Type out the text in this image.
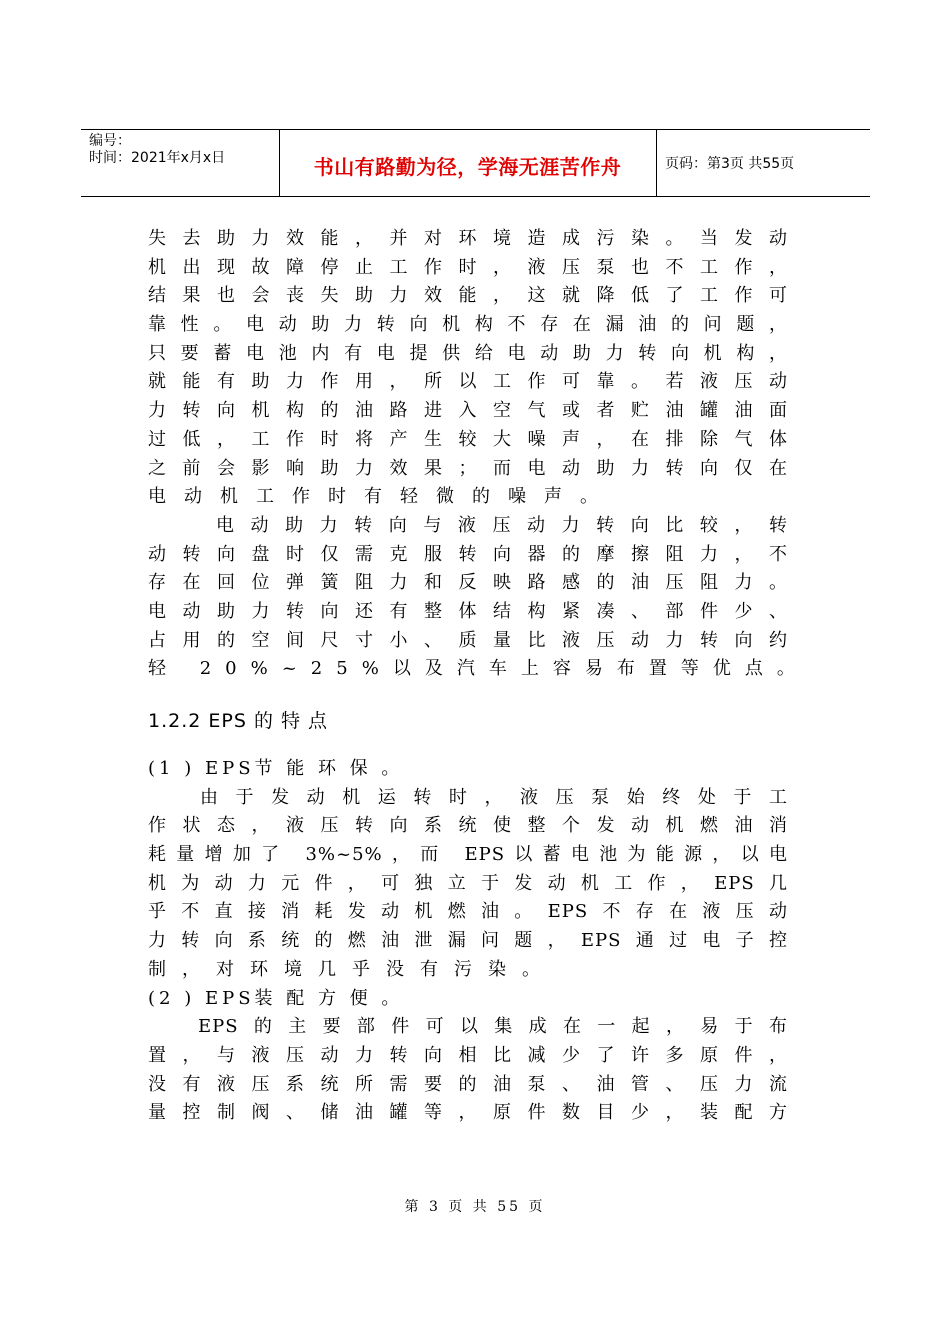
编号：
时间：2021年x月x日	书山有路勤为径，学海无涯苦作舟	页码：第3页 共55页
失去助力效能，并对环境造成污染。当发动
机出现故障停止工作时，液压泵也不工作，
结果也会丧失助力效能，这就降低了工作可
靠性。电动助力转向机构不存在漏油的问题，
只要蓄电池内有电提供给电动助力转向机构，
就能有助力作用，所以工作可靠。若液压动
力转向机构的油路进入空气或者贮油罐油面
过低，工作时将产生较大噪声，在排除气体
之前会影响助力效果；而电动助力转向仅在
电动机工作时有轻微的噪声。
电动助力转向与液压动力转向比较，转
动转向盘时仅需克服转向器的摩擦阻力，不
存在回位弹簧阻力和反映路感的油压阻力。
电动助力转向还有整体结构紧凑、部件少、
占用的空间尺寸小、质量比液压动力转向约
轻 20%~25%以及汽车上容易布置等优点。
1.2.2 EPS 的 特 点
(1 ) EPS节 能 环 保 。
由于发动机运转时，液压泵始终处于工
作状态，液压转向系统使整个发动机燃油消
耗量增加了 3%~5%，而 EPS以蓄电池为能源，以电
机为动力元件，可独立于发动机工作，EPS几
乎不直接消耗发动机燃油。EPS不存在液压动
力转向系统的燃油泄漏问题，EPS通过电子控
制，对环境几乎没有污染。
(2 ) EPS装 配 方 便 。
EPS的主要部件可以集成在一起，易于布
置，与液压动力转向相比减少了许多原件，
没有液压系统所需要的油泵、油管、压力流
量控制阀、储油罐等，原件数目少，装配方
第 3 页 共 55 页
